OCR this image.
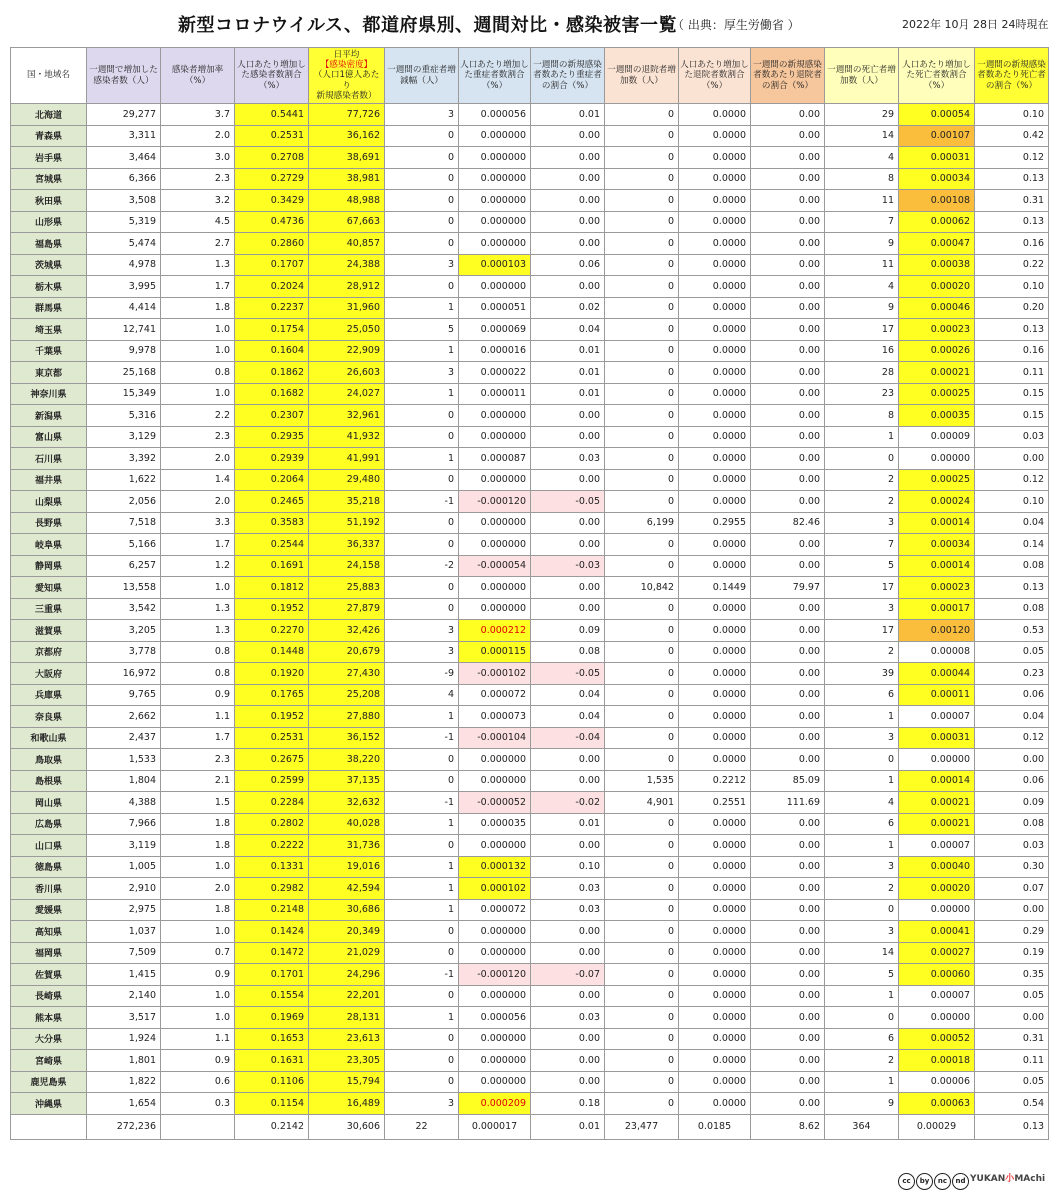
新型コロナウイルス、都道府県別、週間対比・感染被害一覧
（ 出典：厚生労働省 ）	2022年 10月 28日 24時現在
国・地域名	一週間で増加した感染者数（人）	感染者増加率（%）	人口あたり増加した感染者数割合（%）	日平均
【感染密度】
（人口1億人あたり
新規感染者数）	一週間の重症者増減幅（人）	人口あたり増加した重症者数割合（%）	一週間の新規感染者数あたり重症者の割合（%）	一週間の退院者増加数（人）	人口あたり増加した退院者数割合（%）	一週間の新規感染者数あたり退院者の割合（%）	一週間の死亡者増加数（人）	人口あたり増加した死亡者数割合（%）	一週間の新規感染者数あたり死亡者の割合（%）
北海道	29,277	3.7	0.5441	77,726	3	0.000056	0.01	0	0.0000	0.00	29	0.00054	0.10
青森県	3,311	2.0	0.2531	36,162	0	0.000000	0.00	0	0.0000	0.00	14	0.00107	0.42
岩手県	3,464	3.0	0.2708	38,691	0	0.000000	0.00	0	0.0000	0.00	4	0.00031	0.12
宮城県	6,366	2.3	0.2729	38,981	0	0.000000	0.00	0	0.0000	0.00	8	0.00034	0.13
秋田県	3,508	3.2	0.3429	48,988	0	0.000000	0.00	0	0.0000	0.00	11	0.00108	0.31
山形県	5,319	4.5	0.4736	67,663	0	0.000000	0.00	0	0.0000	0.00	7	0.00062	0.13
福島県	5,474	2.7	0.2860	40,857	0	0.000000	0.00	0	0.0000	0.00	9	0.00047	0.16
茨城県	4,978	1.3	0.1707	24,388	3	0.000103	0.06	0	0.0000	0.00	11	0.00038	0.22
栃木県	3,995	1.7	0.2024	28,912	0	0.000000	0.00	0	0.0000	0.00	4	0.00020	0.10
群馬県	4,414	1.8	0.2237	31,960	1	0.000051	0.02	0	0.0000	0.00	9	0.00046	0.20
埼玉県	12,741	1.0	0.1754	25,050	5	0.000069	0.04	0	0.0000	0.00	17	0.00023	0.13
千葉県	9,978	1.0	0.1604	22,909	1	0.000016	0.01	0	0.0000	0.00	16	0.00026	0.16
東京都	25,168	0.8	0.1862	26,603	3	0.000022	0.01	0	0.0000	0.00	28	0.00021	0.11
神奈川県	15,349	1.0	0.1682	24,027	1	0.000011	0.01	0	0.0000	0.00	23	0.00025	0.15
新潟県	5,316	2.2	0.2307	32,961	0	0.000000	0.00	0	0.0000	0.00	8	0.00035	0.15
富山県	3,129	2.3	0.2935	41,932	0	0.000000	0.00	0	0.0000	0.00	1	0.00009	0.03
石川県	3,392	2.0	0.2939	41,991	1	0.000087	0.03	0	0.0000	0.00	0	0.00000	0.00
福井県	1,622	1.4	0.2064	29,480	0	0.000000	0.00	0	0.0000	0.00	2	0.00025	0.12
山梨県	2,056	2.0	0.2465	35,218	-1	-0.000120	-0.05	0	0.0000	0.00	2	0.00024	0.10
長野県	7,518	3.3	0.3583	51,192	0	0.000000	0.00	6,199	0.2955	82.46	3	0.00014	0.04
岐阜県	5,166	1.7	0.2544	36,337	0	0.000000	0.00	0	0.0000	0.00	7	0.00034	0.14
静岡県	6,257	1.2	0.1691	24,158	-2	-0.000054	-0.03	0	0.0000	0.00	5	0.00014	0.08
愛知県	13,558	1.0	0.1812	25,883	0	0.000000	0.00	10,842	0.1449	79.97	17	0.00023	0.13
三重県	3,542	1.3	0.1952	27,879	0	0.000000	0.00	0	0.0000	0.00	3	0.00017	0.08
滋賀県	3,205	1.3	0.2270	32,426	3	0.000212	0.09	0	0.0000	0.00	17	0.00120	0.53
京都府	3,778	0.8	0.1448	20,679	3	0.000115	0.08	0	0.0000	0.00	2	0.00008	0.05
大阪府	16,972	0.8	0.1920	27,430	-9	-0.000102	-0.05	0	0.0000	0.00	39	0.00044	0.23
兵庫県	9,765	0.9	0.1765	25,208	4	0.000072	0.04	0	0.0000	0.00	6	0.00011	0.06
奈良県	2,662	1.1	0.1952	27,880	1	0.000073	0.04	0	0.0000	0.00	1	0.00007	0.04
和歌山県	2,437	1.7	0.2531	36,152	-1	-0.000104	-0.04	0	0.0000	0.00	3	0.00031	0.12
鳥取県	1,533	2.3	0.2675	38,220	0	0.000000	0.00	0	0.0000	0.00	0	0.00000	0.00
島根県	1,804	2.1	0.2599	37,135	0	0.000000	0.00	1,535	0.2212	85.09	1	0.00014	0.06
岡山県	4,388	1.5	0.2284	32,632	-1	-0.000052	-0.02	4,901	0.2551	111.69	4	0.00021	0.09
広島県	7,966	1.8	0.2802	40,028	1	0.000035	0.01	0	0.0000	0.00	6	0.00021	0.08
山口県	3,119	1.8	0.2222	31,736	0	0.000000	0.00	0	0.0000	0.00	1	0.00007	0.03
徳島県	1,005	1.0	0.1331	19,016	1	0.000132	0.10	0	0.0000	0.00	3	0.00040	0.30
香川県	2,910	2.0	0.2982	42,594	1	0.000102	0.03	0	0.0000	0.00	2	0.00020	0.07
愛媛県	2,975	1.8	0.2148	30,686	1	0.000072	0.03	0	0.0000	0.00	0	0.00000	0.00
高知県	1,037	1.0	0.1424	20,349	0	0.000000	0.00	0	0.0000	0.00	3	0.00041	0.29
福岡県	7,509	0.7	0.1472	21,029	0	0.000000	0.00	0	0.0000	0.00	14	0.00027	0.19
佐賀県	1,415	0.9	0.1701	24,296	-1	-0.000120	-0.07	0	0.0000	0.00	5	0.00060	0.35
長崎県	2,140	1.0	0.1554	22,201	0	0.000000	0.00	0	0.0000	0.00	1	0.00007	0.05
熊本県	3,517	1.0	0.1969	28,131	1	0.000056	0.03	0	0.0000	0.00	0	0.00000	0.00
大分県	1,924	1.1	0.1653	23,613	0	0.000000	0.00	0	0.0000	0.00	6	0.00052	0.31
宮崎県	1,801	0.9	0.1631	23,305	0	0.000000	0.00	0	0.0000	0.00	2	0.00018	0.11
鹿児島県	1,822	0.6	0.1106	15,794	0	0.000000	0.00	0	0.0000	0.00	1	0.00006	0.05
沖縄県	1,654	0.3	0.1154	16,489	3	0.000209	0.18	0	0.0000	0.00	9	0.00063	0.54
	272,236		0.2142	30,606	22	0.000017	0.01	23,477	0.0185	8.62	364	0.00029	0.13
cc by nc nd YUKAN小MAchi
